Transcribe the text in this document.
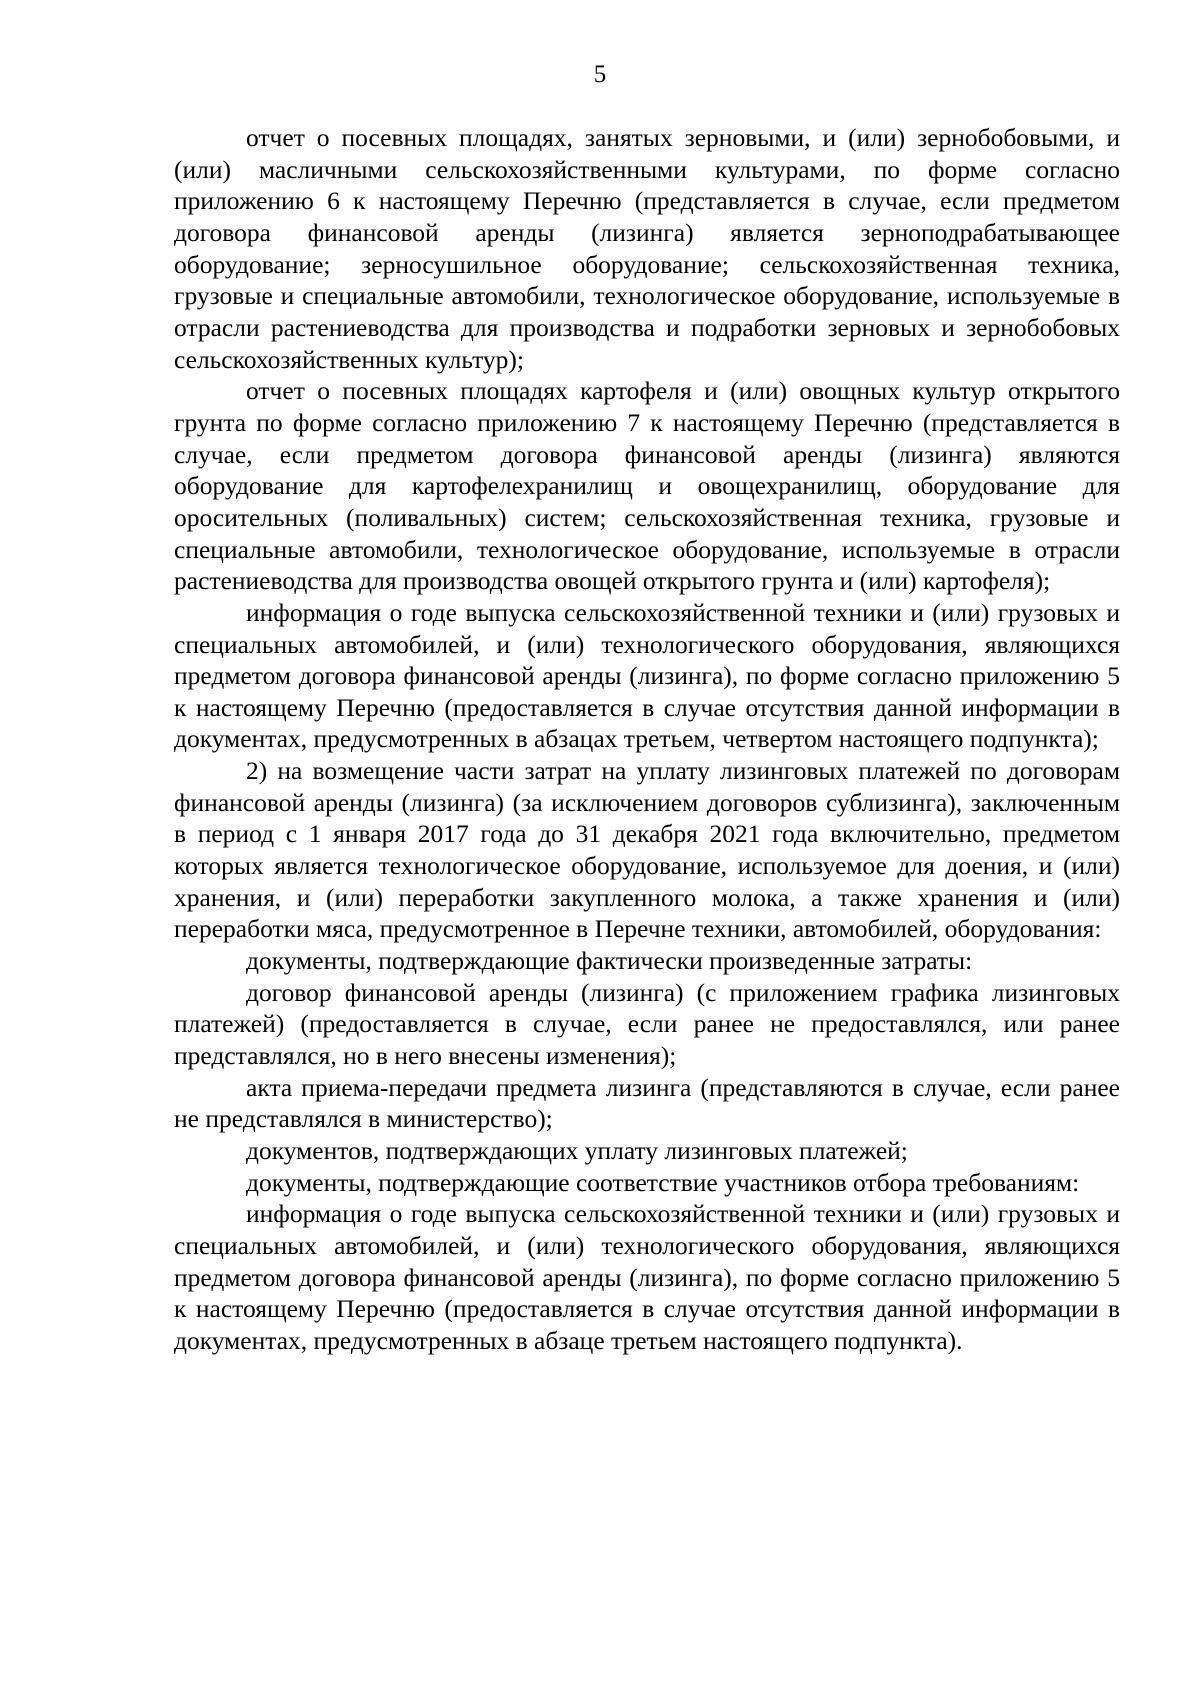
5

отчет о посевных площадях, занятых зерновыми, и (или) зернобобовыми, и (или) масличными сельскохозяйственными культурами, по форме согласно приложению 6 к настоящему Перечню (представляется в случае, если предметом договора финансовой аренды (лизинга) является зерноподрабатывающее оборудование; зерносушильное оборудование; сельскохозяйственная техника, грузовые и специальные автомобили, технологическое оборудование, используемые в отрасли растениеводства для производства и подработки зерновых и зернобобовых сельскохозяйственных культур);

отчет о посевных площадях картофеля и (или) овощных культур открытого грунта по форме согласно приложению 7 к настоящему Перечню (представляется в случае, если предметом договора финансовой аренды (лизинга) являются оборудование для картофелехранилищ и овощехранилищ, оборудование для оросительных (поливальных) систем; сельскохозяйственная техника, грузовые и специальные автомобили, технологическое оборудование, используемые в отрасли растениеводства для производства овощей открытого грунта и (или) картофеля);

информация о годе выпуска сельскохозяйственной техники и (или) грузовых и специальных автомобилей, и (или) технологического оборудования, являющихся предметом договора финансовой аренды (лизинга), по форме согласно приложению 5 к настоящему Перечню (предоставляется в случае отсутствия данной информации в документах, предусмотренных в абзацах третьем, четвертом настоящего подпункта);

2) на возмещение части затрат на уплату лизинговых платежей по договорам финансовой аренды (лизинга) (за исключением договоров сублизинга), заключенным в период с 1 января 2017 года до 31 декабря 2021 года включительно, предметом которых является технологическое оборудование, используемое для доения, и (или) хранения, и (или) переработки закупленного молока, а также хранения и (или) переработки мяса, предусмотренное в Перечне техники, автомобилей, оборудования:

документы, подтверждающие фактически произведенные затраты:

договор финансовой аренды (лизинга) (с приложением графика лизинговых платежей) (предоставляется в случае, если ранее не предоставлялся, или ранее представлялся, но в него внесены изменения);

акта приема-передачи предмета лизинга (представляются в случае, если ранее не представлялся в министерство);

документов, подтверждающих уплату лизинговых платежей;

документы, подтверждающие соответствие участников отбора требованиям:

информация о годе выпуска сельскохозяйственной техники и (или) грузовых и специальных автомобилей, и (или) технологического оборудования, являющихся предметом договора финансовой аренды (лизинга), по форме согласно приложению 5 к настоящему Перечню (предоставляется в случае отсутствия данной информации в документах, предусмотренных в абзаце третьем настоящего подпункта).
